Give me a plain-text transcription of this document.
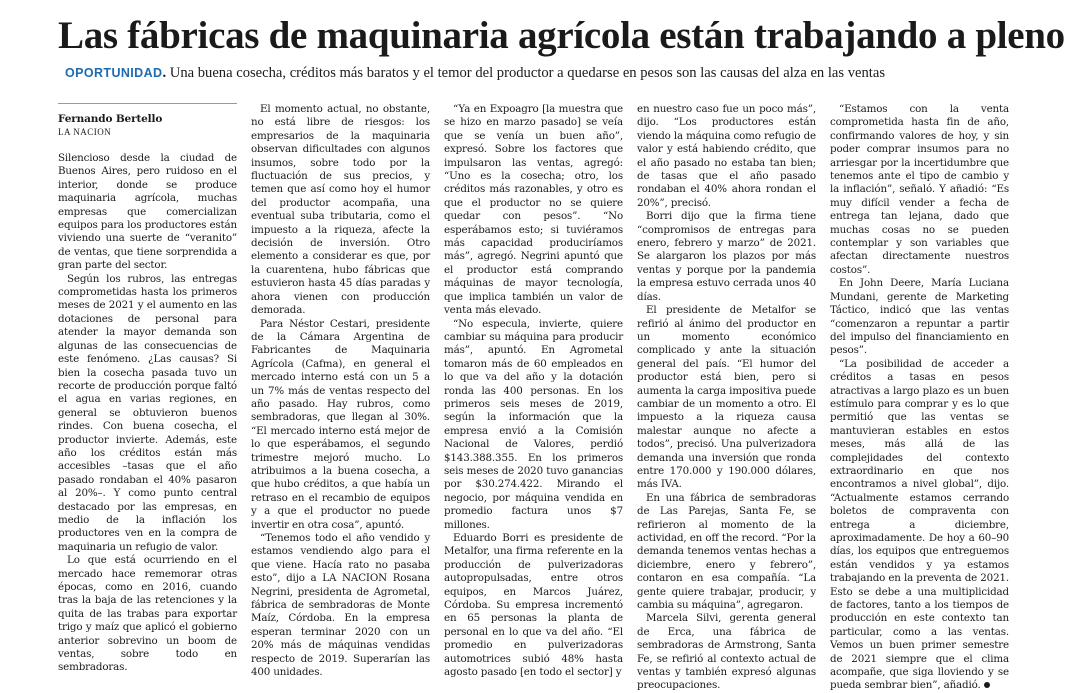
Las fábricas de maquinaria agrícola están trabajando a pleno
OPORTUNIDAD. Una buena cosecha, créditos más baratos y el temor del productor a quedarse en pesos son las causas del alza en las ventas
Fernando Bertello
LA NACION

Silencioso desde la ciudad de Buenos Aires, pero ruidoso en el interior, donde se produce maquinaria agrícola, muchas empresas que comercializan equipos para los productores están viviendo una suerte de “veranito” de ventas, que tiene sorprendida a gran parte del sector.

Según los rubros, las entregas comprometidas hasta los primeros meses de 2021 y el aumento en las dotaciones de personal para atender la mayor demanda son algunas de las consecuencias de este fenómeno. ¿Las causas? Si bien la cosecha pasada tuvo un recorte de producción porque faltó el agua en varias regiones, en general se obtuvieron buenos rindes. Con buena cosecha, el productor invierte. Además, este año los créditos están más accesibles –tasas que el año pasado rondaban el 40% pasaron al 20%–. Y como punto central destacado por las empresas, en medio de la inflación los productores ven en la compra de maquinaria un refugio de valor.

Lo que está ocurriendo en el mercado hace rememorar otras épocas, como en 2016, cuando tras la baja de las retenciones y la quita de las trabas para exportar trigo y maíz que aplicó el gobierno anterior sobrevino un boom de ventas, sobre todo en sembradoras.

El momento actual, no obstante, no está libre de riesgos: los empresarios de la maquinaria observan dificultades con algunos insumos, sobre todo por la fluctuación de sus precios, y temen que así como hoy el humor del productor acompaña, una eventual suba tributaria, como el impuesto a la riqueza, afecte la decisión de inversión. Otro elemento a considerar es que, por la cuarentena, hubo fábricas que estuvieron hasta 45 días paradas y ahora vienen con producción demorada.

Para Néstor Cestari, presidente de la Cámara Argentina de Fabricantes de Maquinaria Agrícola (Cafma), en general el mercado interno está con un 5 a un 7% más de ventas respecto del año pasado. Hay rubros, como sembradoras, que llegan al 30%. “El mercado interno está mejor de lo que esperábamos, el segundo trimestre mejoró mucho. Lo atribuimos a la buena cosecha, a que hubo créditos, a que había un retraso en el recambio de equipos y a que el productor no puede invertir en otra cosa”, apuntó.

“Tenemos todo el año vendido y estamos vendiendo algo para el que viene. Hacía rato no pasaba esto”, dijo a LA NACION Rosana Negrini, presidenta de Agrometal, fábrica de sembradoras de Monte Maíz, Córdoba. En la empresa esperan terminar 2020 con un 20% más de máquinas vendidas respecto de 2019. Superarían las 400 unidades.

“Ya en Expoagro [la muestra que se hizo en marzo pasado] se veía que se venía un buen año”, expresó. Sobre los factores que impulsaron las ventas, agregó: “Uno es la cosecha; otro, los créditos más razonables, y otro es que el productor no se quiere quedar con pesos”. “No esperábamos esto; si tuviéramos más capacidad produciríamos más”, agregó. Negrini apuntó que el productor está comprando máquinas de mayor tecnología, que implica también un valor de venta más elevado.

“No especula, invierte, quiere cambiar su máquina para producir más”, apuntó. En Agrometal tomaron más de 60 empleados en lo que va del año y la dotación ronda las 400 personas. En los primeros seis meses de 2019, según la información que la empresa envió a la Comisión Nacional de Valores, perdió $143.388.355. En los primeros seis meses de 2020 tuvo ganancias por $30.274.422. Mirando el negocio, por máquina vendida en promedio factura unos $7 millones.

Eduardo Borri es presidente de Metalfor, una firma referente en la producción de pulverizadoras autopropulsadas, entre otros equipos, en Marcos Juárez, Córdoba. Su empresa incrementó en 65 personas la planta de personal en lo que va del año. “El promedio en pulverizadoras automotrices subió 48% hasta agosto pasado [en todo el sector] y

en nuestro caso fue un poco más”, dijo. “Los productores están viendo la máquina como refugio de valor y está habiendo crédito, que el año pasado no estaba tan bien; de tasas que el año pasado rondaban el 40% ahora rondan el 20%”, precisó.

Borri dijo que la firma tiene “compromisos de entregas para enero, febrero y marzo” de 2021. Se alargaron los plazos por más ventas y porque por la pandemia la empresa estuvo cerrada unos 40 días.

El presidente de Metalfor se refirió al ánimo del productor en un momento económico complicado y ante la situación general del país. “El humor del productor está bien, pero si aumenta la carga impositiva puede cambiar de un momento a otro. El impuesto a la riqueza causa malestar aunque no afecte a todos”, precisó. Una pulverizadora demanda una inversión que ronda entre 170.000 y 190.000 dólares, más IVA.

En una fábrica de sembradoras de Las Parejas, Santa Fe, se refirieron al momento de la actividad, en off the record. “Por la demanda tenemos ventas hechas a diciembre, enero y febrero”, contaron en esa compañía. “La gente quiere trabajar, producir, y cambia su máquina”, agregaron.

Marcela Silvi, gerenta general de Erca, una fábrica de sembradoras de Armstrong, Santa Fe, se refirió al contexto actual de ventas y también expresó algunas preocupaciones.

“Estamos con la venta comprometida hasta fin de año, confirmando valores de hoy, y sin poder comprar insumos para no arriesgar por la incertidumbre que tenemos ante el tipo de cambio y la inflación”, señaló. Y añadió: “Es muy difícil vender a fecha de entrega tan lejana, dado que muchas cosas no se pueden contemplar y son variables que afectan directamente nuestros costos”.

En John Deere, María Luciana Mundani, gerente de Marketing Táctico, indicó que las ventas “comenzaron a repuntar a partir del impulso del financiamiento en pesos”.

“La posibilidad de acceder a créditos a tasas en pesos atractivas a largo plazo es un buen estímulo para comprar y es lo que permitió que las ventas se mantuvieran estables en estos meses, más allá de las complejidades del contexto extraordinario en que nos encontramos a nivel global”, dijo. “Actualmente estamos cerrando boletos de compraventa con entrega a diciembre, aproximadamente. De hoy a 60–90 días, los equipos que entreguemos están vendidos y ya estamos trabajando en la preventa de 2021. Esto se debe a una multiplicidad de factores, tanto a los tiempos de producción en este contexto tan particular, como a las ventas. Vemos un buen primer semestre de 2021 siempre que el clima acompañe, que siga lloviendo y se pueda sembrar bien”, añadió.
